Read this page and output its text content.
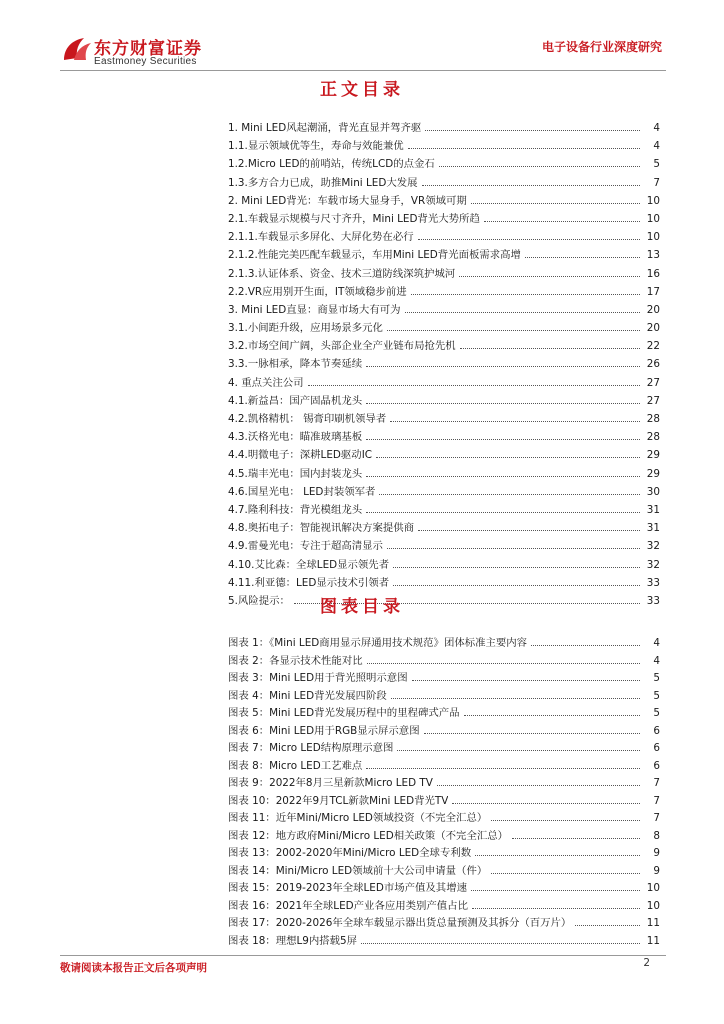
东方财富证券
Eastmoney Securities
电子设备行业深度研究
正文目录
1. Mini LED风起潮涌，背光直显并驾齐驱	4
1.1.显示领域优等生，寿命与效能兼优	4
1.2.Micro LED的前哨站，传统LCD的点金石	5
1.3.多方合力已成，助推Mini LED大发展	7
2. Mini LED背光：车载市场大显身手，VR领域可期	10
2.1.车载显示规模与尺寸齐升，Mini LED背光大势所趋	10
2.1.1.车载显示多屏化、大屏化势在必行	10
2.1.2.性能完美匹配车载显示，车用Mini LED背光面板需求高增	13
2.1.3.认证体系、资金、技术三道防线深筑护城河	16
2.2.VR应用别开生面，IT领域稳步前进	17
3. Mini LED直显：商显市场大有可为	20
3.1.小间距升级，应用场景多元化	20
3.2.市场空间广阔，头部企业全产业链布局抢先机	22
3.3.一脉相承，降本节奏延续	26
4. 重点关注公司	27
4.1.新益昌：国产固晶机龙头	27
4.2.凯格精机： 锡膏印刷机领导者	28
4.3.沃格光电：瞄准玻璃基板	28
4.4.明微电子：深耕LED驱动IC	29
4.5.瑞丰光电：国内封装龙头	29
4.6.国星光电： LED封装领军者	30
4.7.隆利科技：背光模组龙头	31
4.8.奥拓电子：智能视讯解决方案提供商	31
4.9.雷曼光电：专注于超高清显示	32
4.10.艾比森：全球LED显示领先者	32
4.11.利亚德：LED显示技术引领者	33
5.风险提示：	33
图表目录
图表 1：《Mini LED商用显示屏通用技术规范》团体标准主要内容	4
图表 2：各显示技术性能对比	4
图表 3：Mini LED用于背光照明示意图	5
图表 4：Mini LED背光发展四阶段	5
图表 5：Mini LED背光发展历程中的里程碑式产品	5
图表 6：Mini LED用于RGB显示屏示意图	6
图表 7：Micro LED结构原理示意图	6
图表 8：Micro LED工艺难点	6
图表 9：2022年8月三星新款Micro LED TV	7
图表 10：2022年9月TCL新款Mini LED背光TV	7
图表 11：近年Mini/Micro LED领域投资（不完全汇总）	7
图表 12：地方政府Mini/Micro LED相关政策（不完全汇总）	8
图表 13：2002-2020年Mini/Micro LED全球专利数	9
图表 14：Mini/Micro LED领域前十大公司申请量（件）	9
图表 15：2019-2023年全球LED市场产值及其增速	10
图表 16：2021年全球LED产业各应用类别产值占比	10
图表 17：2020-2026年全球车载显示器出货总量预测及其拆分（百万片）	11
图表 18：理想L9内搭载5屏	11
敬请阅读本报告正文后各项声明	2
